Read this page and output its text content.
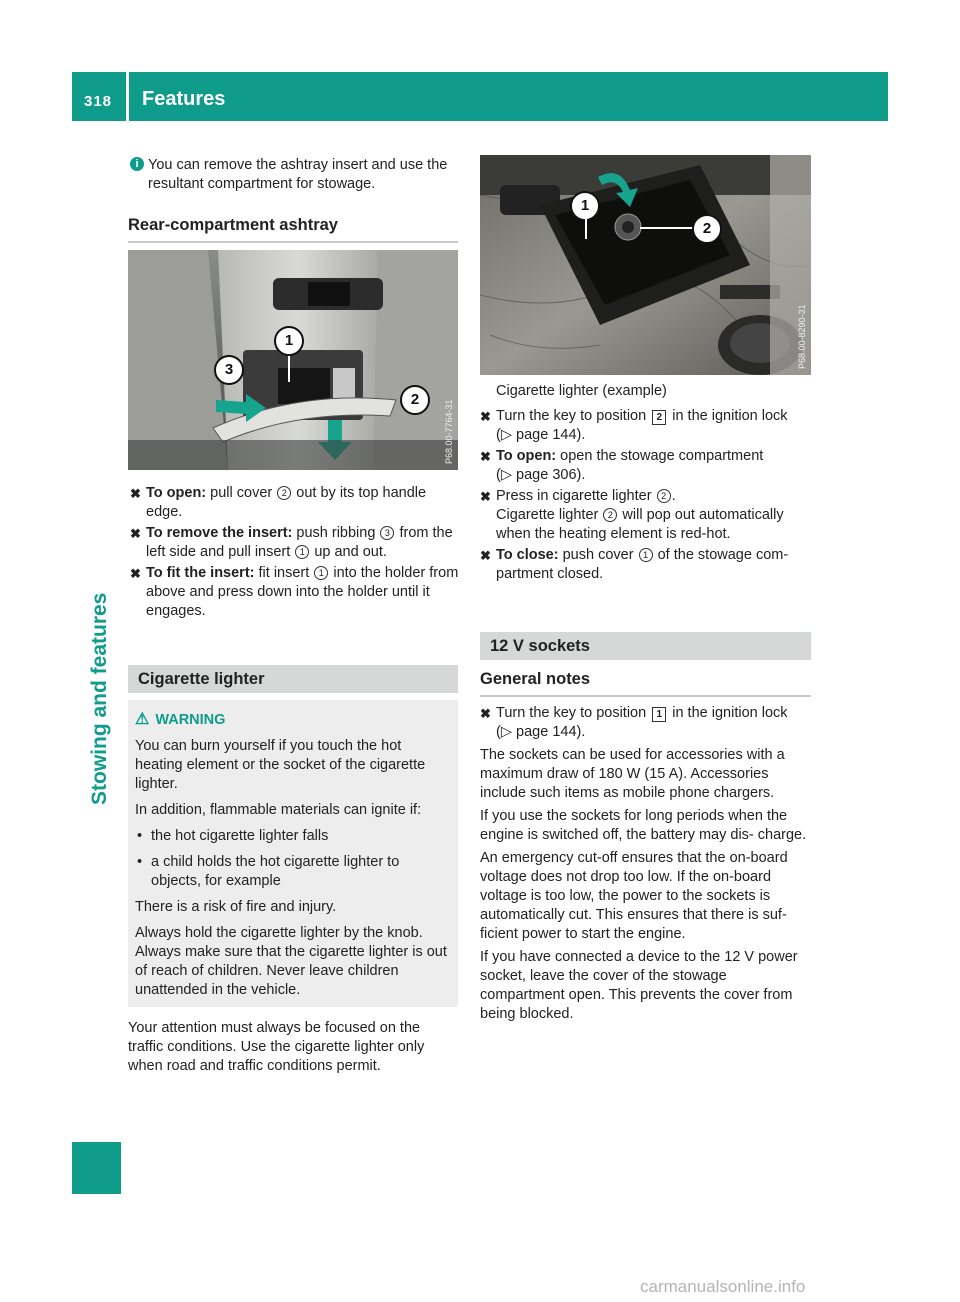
318 Features
Stowing and features
i You can remove the ashtray insert and use the resultant compartment for stowage.

Rear-compartment ashtray
1
3
2
✖ To open: pull cover 2 out by its top handle edge.
✖ To remove the insert: push ribbing 3 from the left side and pull insert 1 up and out.
✖ To fit the insert: fit insert 1 into the holder from above and press down into the holder until it engages.
Cigarette lighter
⚠ WARNING

You can burn yourself if you touch the hot heating element or the socket of the cigarette lighter.

In addition, flammable materials can ignite if:

• the hot cigarette lighter falls
• a child holds the hot cigarette lighter to objects, for example

There is a risk of fire and injury.

Always hold the cigarette lighter by the knob. Always make sure that the cigarette lighter is out of reach of children. Never leave children unattended in the vehicle.

Your attention must always be focused on the traffic conditions. Use the cigarette lighter only when road and traffic conditions permit.

1
2

Cigarette lighter (example)

✖ Turn the key to position 2 in the ignition lock (▷ page 144).
✖ To open: open the stowage compartment (▷ page 306).
✖ Press in cigarette lighter 2 .
Cigarette lighter 2 will pop out automatically when the heating element is red-hot.
✖ To close: push cover 1 of the stowage com- partment closed.
12 V sockets
General notes
✖ Turn the key to position 1 in the ignition lock (▷ page 144).

The sockets can be used for accessories with a maximum draw of 180 W (15 A). Accessories include such items as mobile phone chargers.

If you use the sockets for long periods when the engine is switched off, the battery may dis- charge.

An emergency cut-off ensures that the on-board voltage does not drop too low. If the on-board voltage is too low, the power to the sockets is automatically cut. This ensures that there is suf- ficient power to start the engine.

If you have connected a device to the 12 V power socket, leave the cover of the stowage compartment open. This prevents the cover from being blocked.

carmanualsonline.info
